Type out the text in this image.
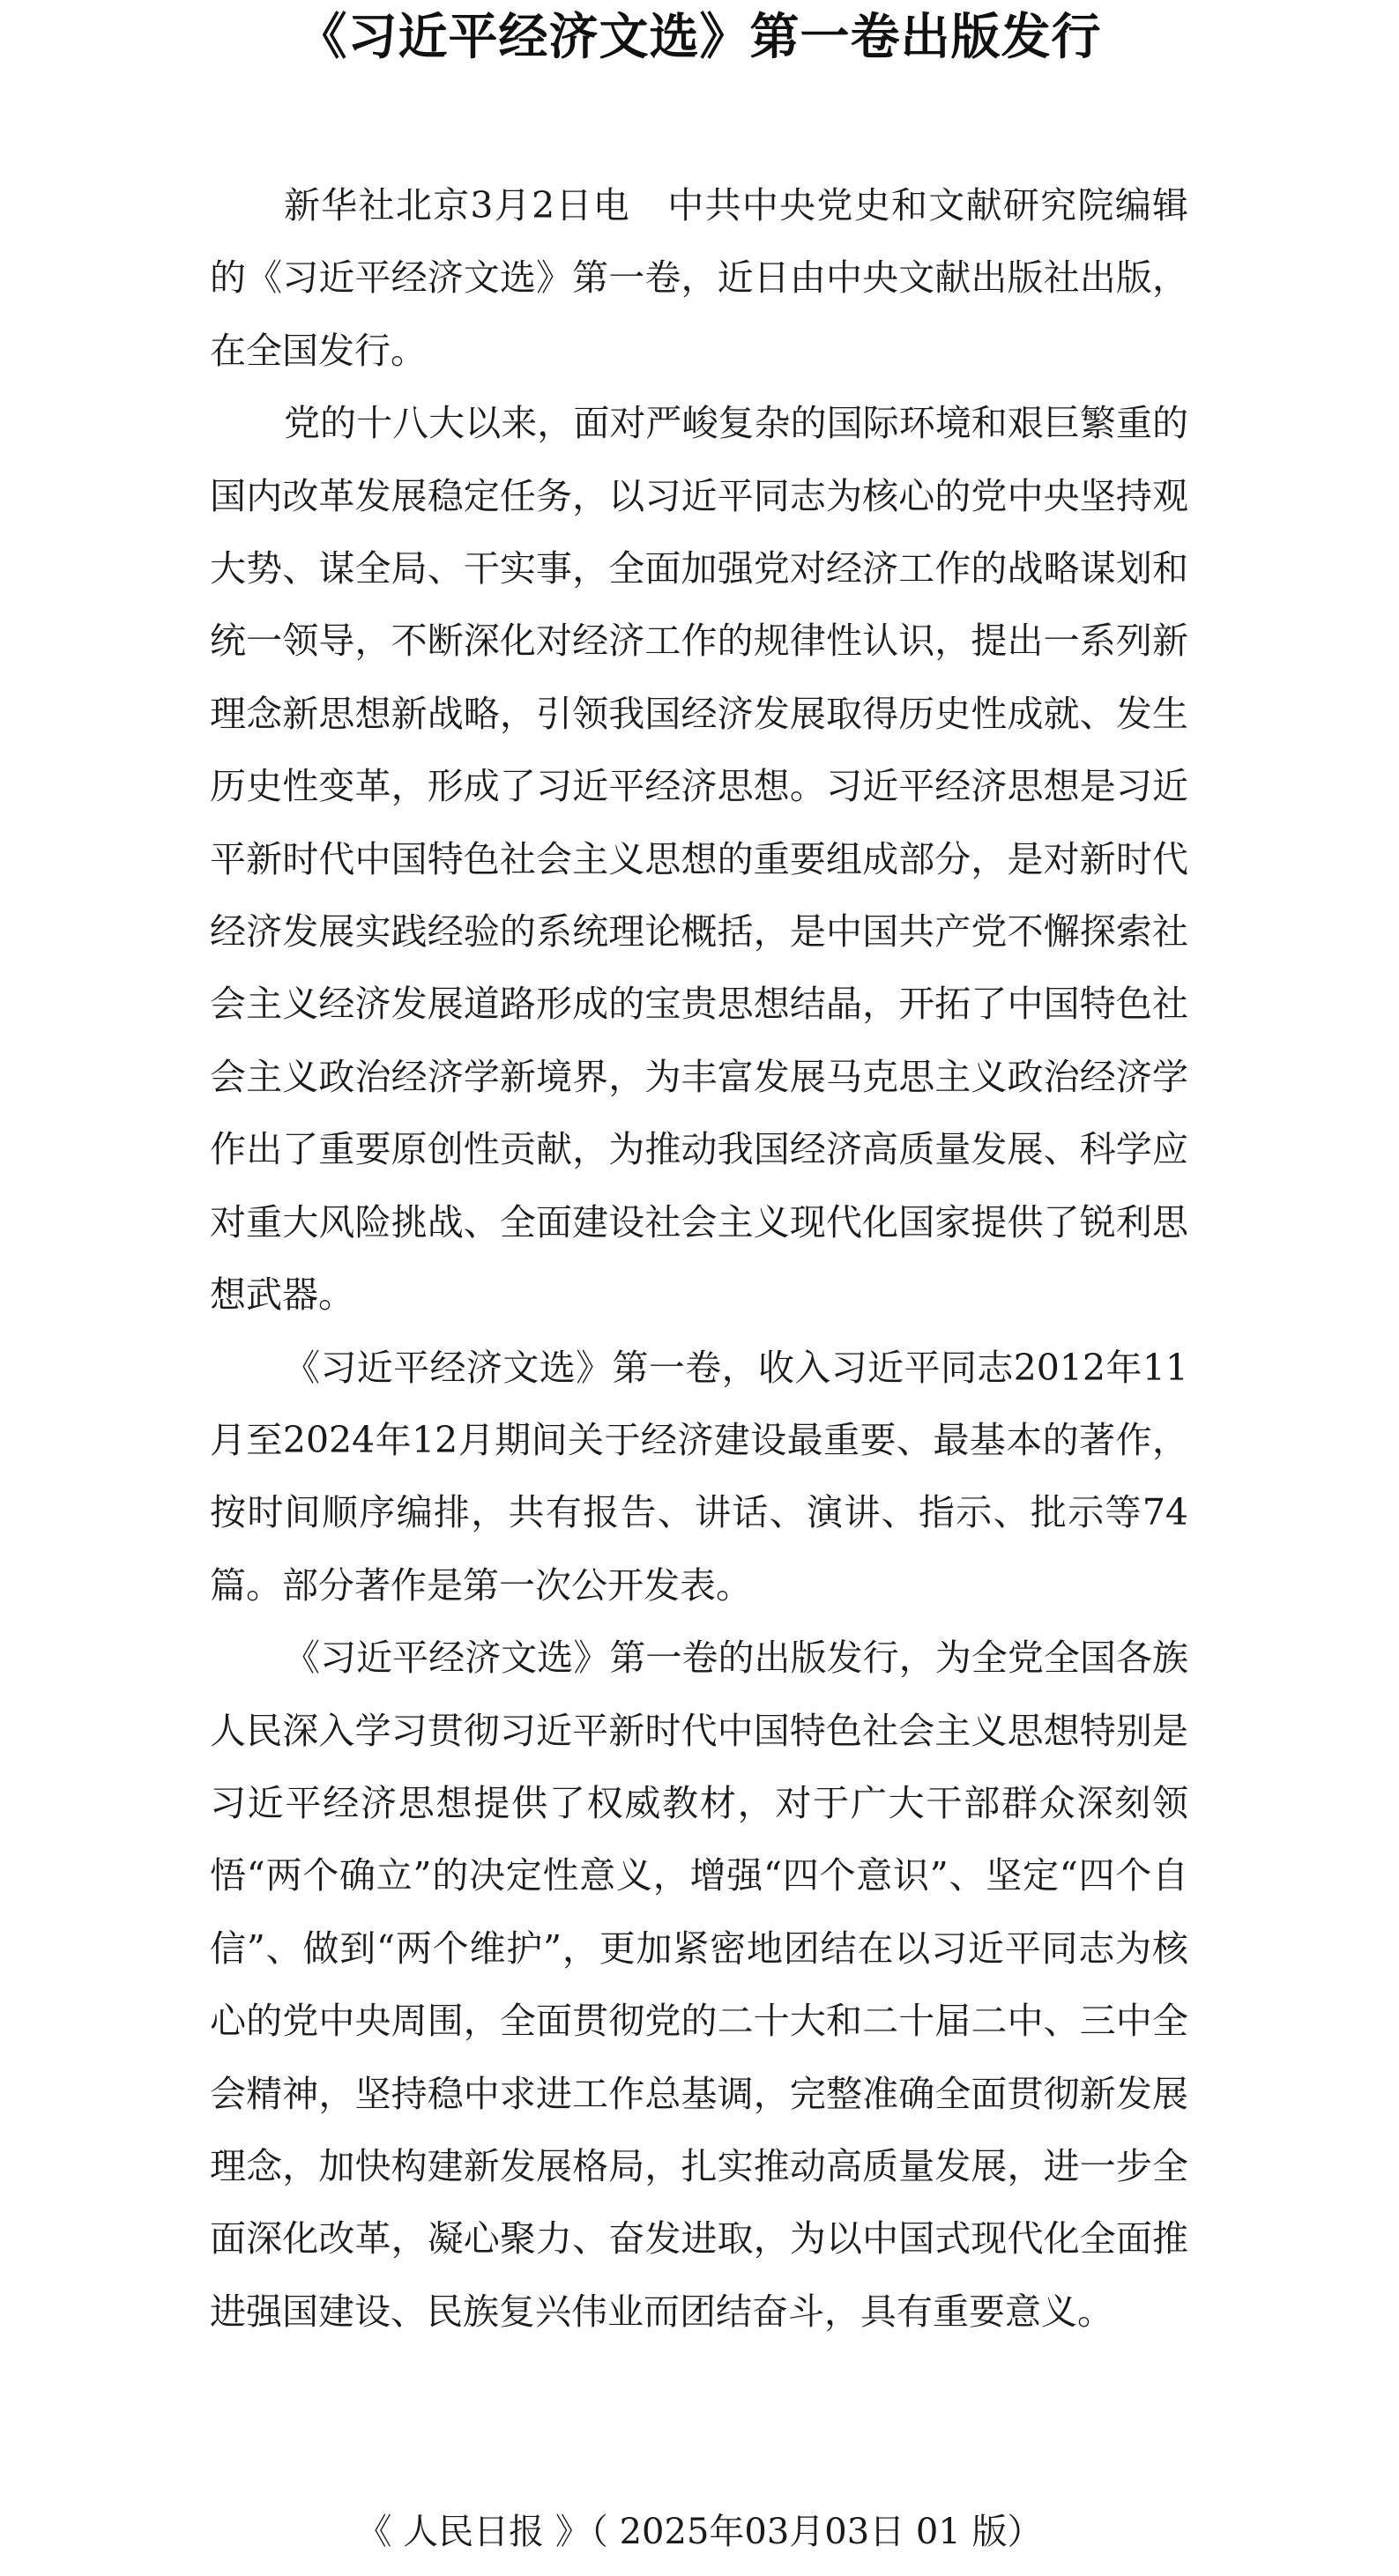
《习近平经济文选》第一卷出版发行

新华社北京3月2日电　中共中央党史和文献研究院编辑的《习近平经济文选》第一卷，近日由中央文献出版社出版，在全国发行。

党的十八大以来，面对严峻复杂的国际环境和艰巨繁重的国内改革发展稳定任务，以习近平同志为核心的党中央坚持观大势、谋全局、干实事，全面加强党对经济工作的战略谋划和统一领导，不断深化对经济工作的规律性认识，提出一系列新理念新思想新战略，引领我国经济发展取得历史性成就、发生历史性变革，形成了习近平经济思想。习近平经济思想是习近平新时代中国特色社会主义思想的重要组成部分，是对新时代经济发展实践经验的系统理论概括，是中国共产党不懈探索社会主义经济发展道路形成的宝贵思想结晶，开拓了中国特色社会主义政治经济学新境界，为丰富发展马克思主义政治经济学作出了重要原创性贡献，为推动我国经济高质量发展、科学应对重大风险挑战、全面建设社会主义现代化国家提供了锐利思想武器。

《习近平经济文选》第一卷，收入习近平同志2012年11月至2024年12月期间关于经济建设最重要、最基本的著作，按时间顺序编排，共有报告、讲话、演讲、指示、批示等74篇。部分著作是第一次公开发表。

《习近平经济文选》第一卷的出版发行，为全党全国各族人民深入学习贯彻习近平新时代中国特色社会主义思想特别是习近平经济思想提供了权威教材，对于广大干部群众深刻领悟“两个确立”的决定性意义，增强“四个意识”、坚定“四个自信”、做到“两个维护”，更加紧密地团结在以习近平同志为核心的党中央周围，全面贯彻党的二十大和二十届二中、三中全会精神，坚持稳中求进工作总基调，完整准确全面贯彻新发展理念，加快构建新发展格局，扎实推动高质量发展，进一步全面深化改革，凝心聚力、奋发进取，为以中国式现代化全面推进强国建设、民族复兴伟业而团结奋斗，具有重要意义。

《 人民日报 》（ 2025年03月03日 01 版）
